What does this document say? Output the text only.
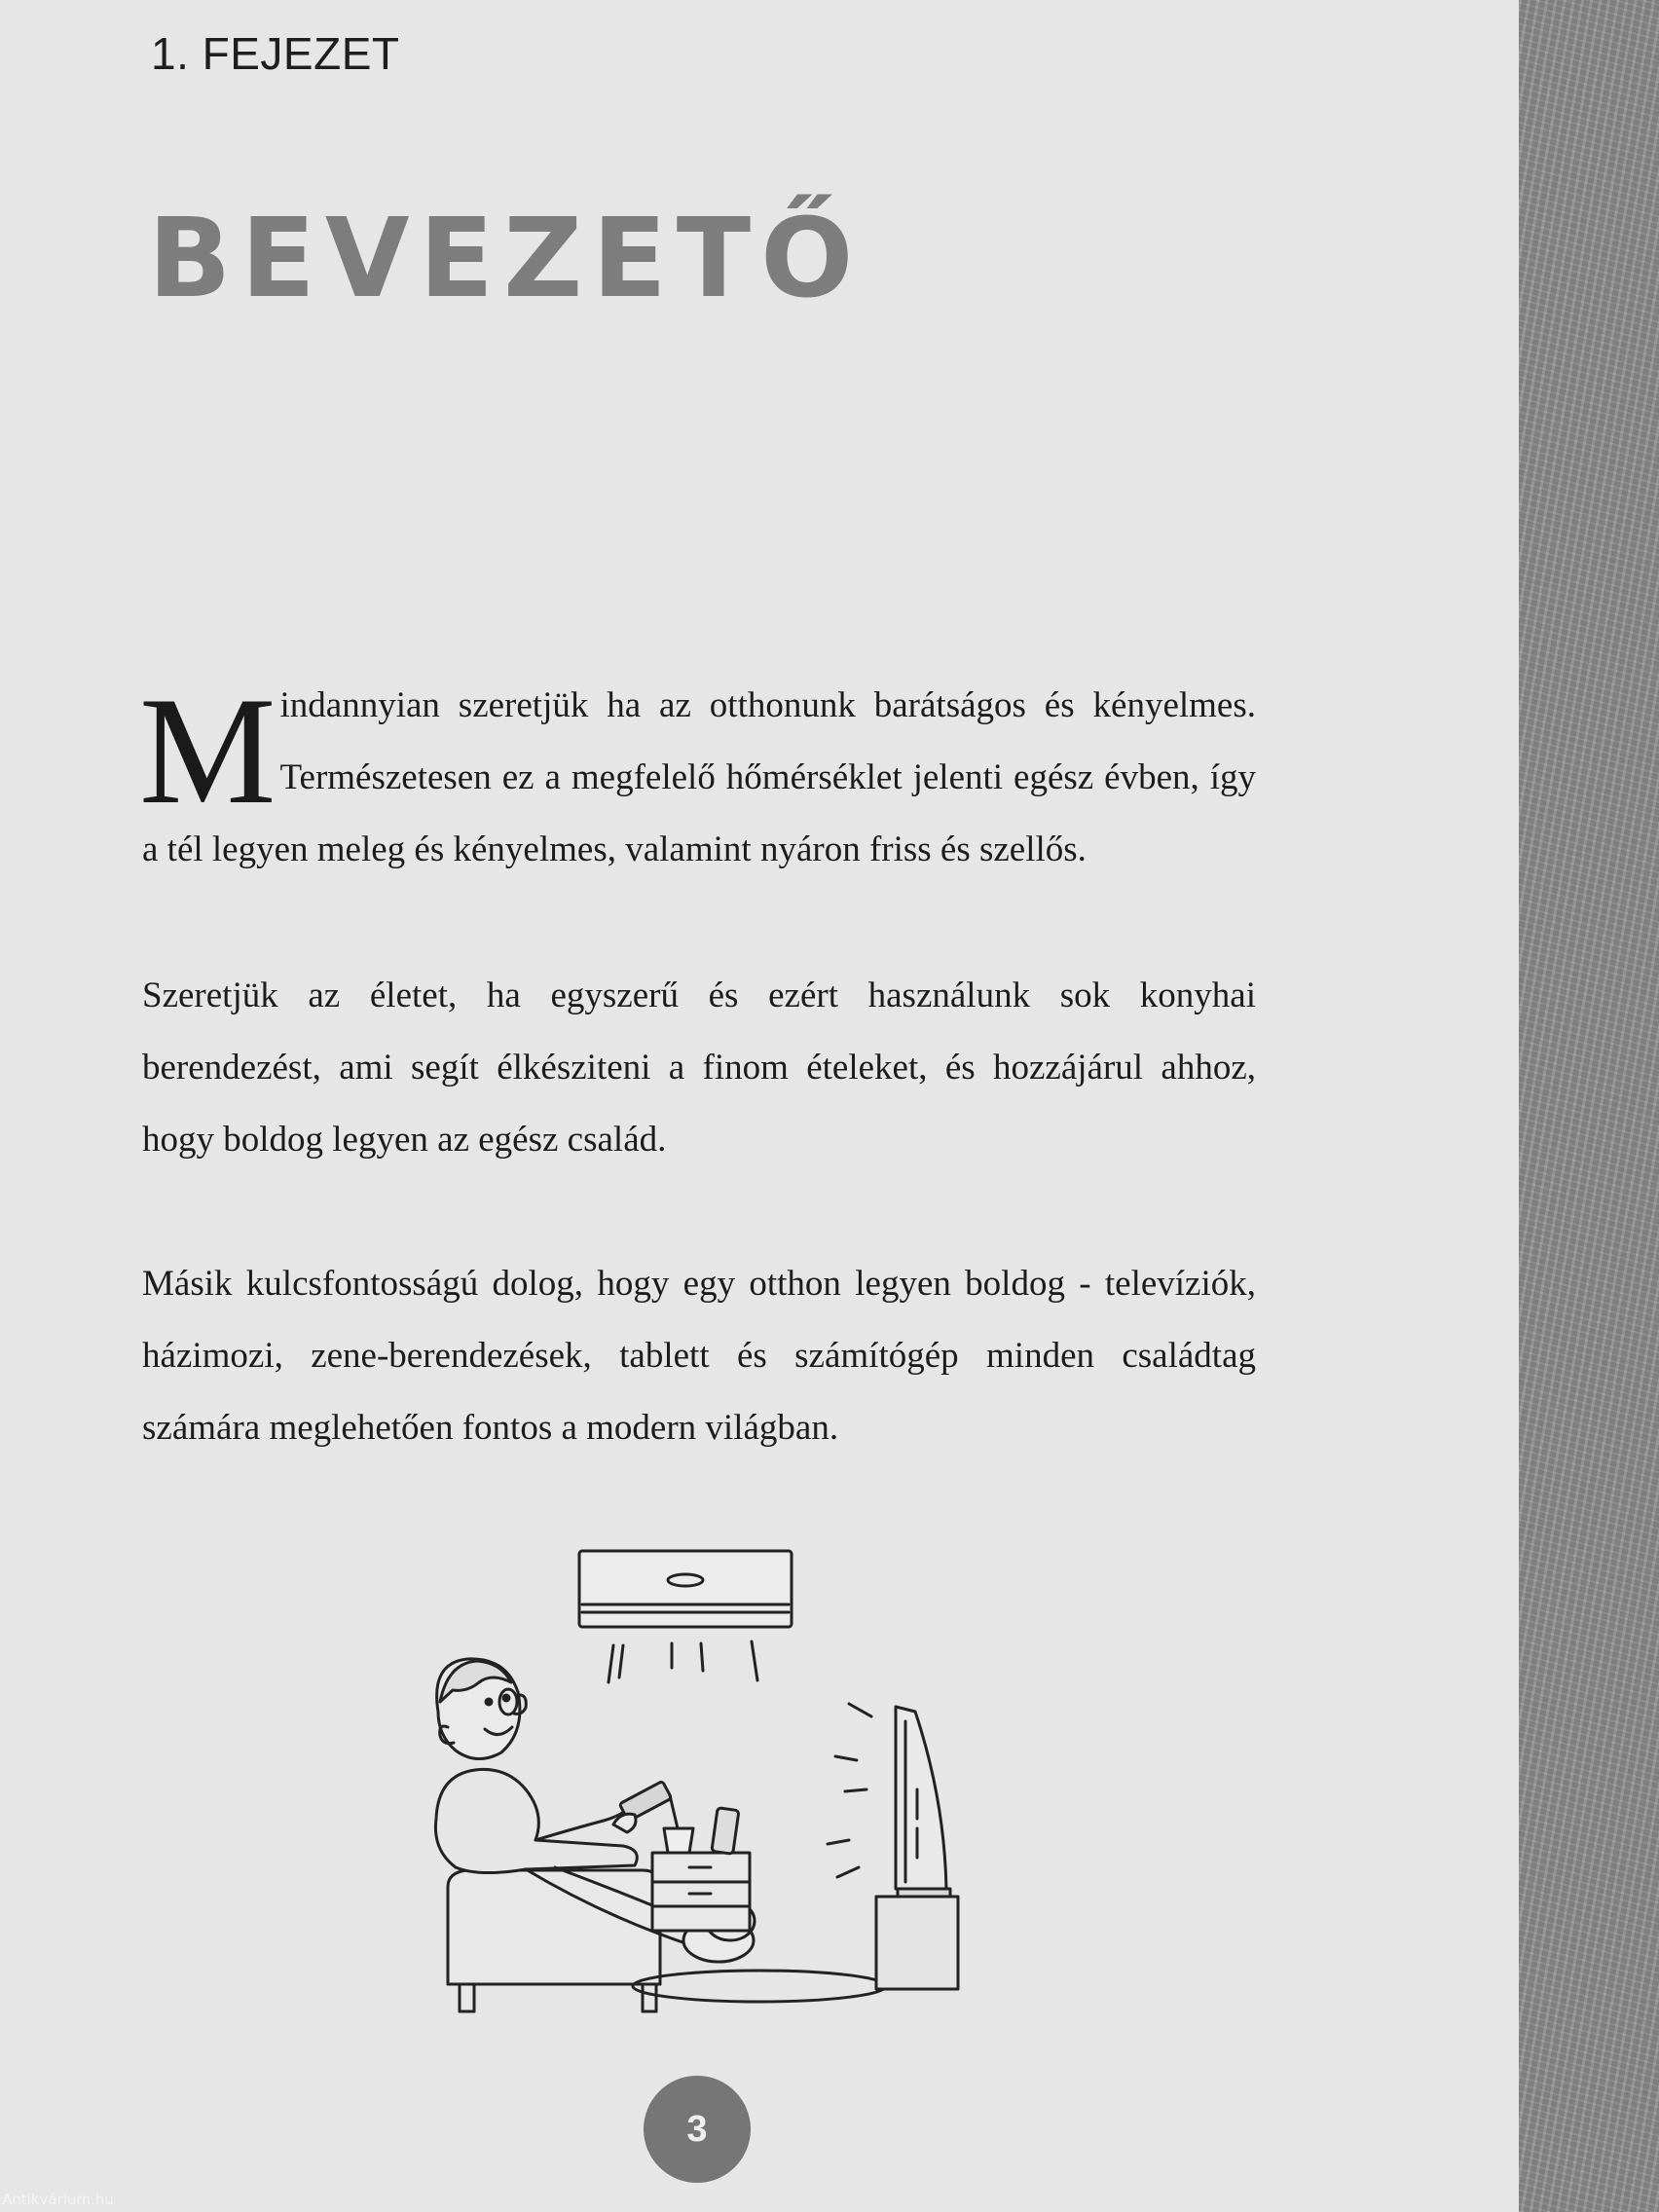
1. FEJEZET
BEVEZETŐ
Mindannyian szeretjük ha az otthonunk barátságos és kényelmes. Természetesen ez a megfelelő hőmérséklet jelenti egész évben, így a tél legyen meleg és kényelmes, valamint nyáron friss és szellős.
Szeretjük az életet, ha egyszerű és ezért használunk sok konyhai berendezést, ami segít élkésziteni a finom ételeket, és hozzájárul ahhoz, hogy boldog legyen az egész család.
Másik kulcsfontosságú dolog, hogy egy otthon legyen boldog - televíziók, házimozi, zene-berendezések, tablett és számítógép minden családtag számára meglehetően fontos a modern világban.
3
Antikvárium.hu
